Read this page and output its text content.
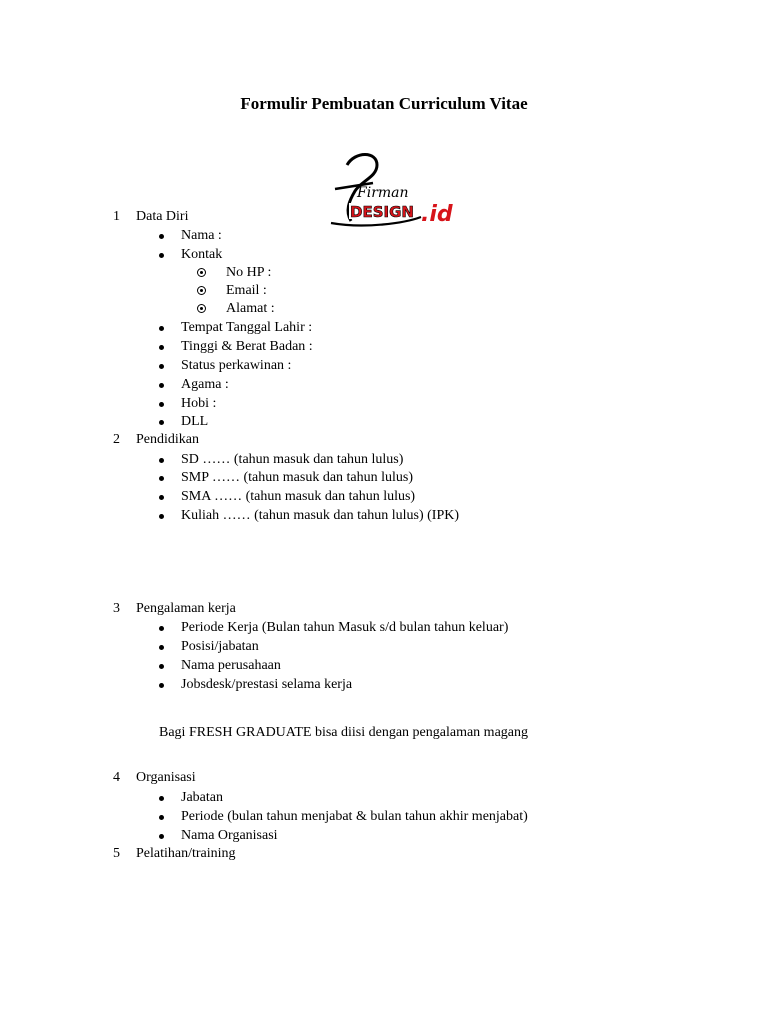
Formulir Pembuatan Curriculum Vitae
Firman
DESIGN .id
1 Data Diri
Nama :
Kontak
No HP :
Email :
Alamat :
Tempat Tanggal Lahir :
Tinggi & Berat Badan :
Status perkawinan :
Agama :
Hobi :
DLL
2 Pendidikan
SD …… (tahun masuk dan tahun lulus)
SMP …… (tahun masuk dan tahun lulus)
SMA …… (tahun masuk dan tahun lulus)
Kuliah …… (tahun masuk dan tahun lulus) (IPK)
3 Pengalaman kerja
Periode Kerja (Bulan tahun Masuk s/d bulan tahun keluar)
Posisi/jabatan
Nama perusahaan
Jobsdesk/prestasi selama kerja
Bagi FRESH GRADUATE bisa diisi dengan pengalaman magang
4 Organisasi
Jabatan
Periode (bulan tahun menjabat & bulan tahun akhir menjabat)
Nama Organisasi
5 Pelatihan/training
